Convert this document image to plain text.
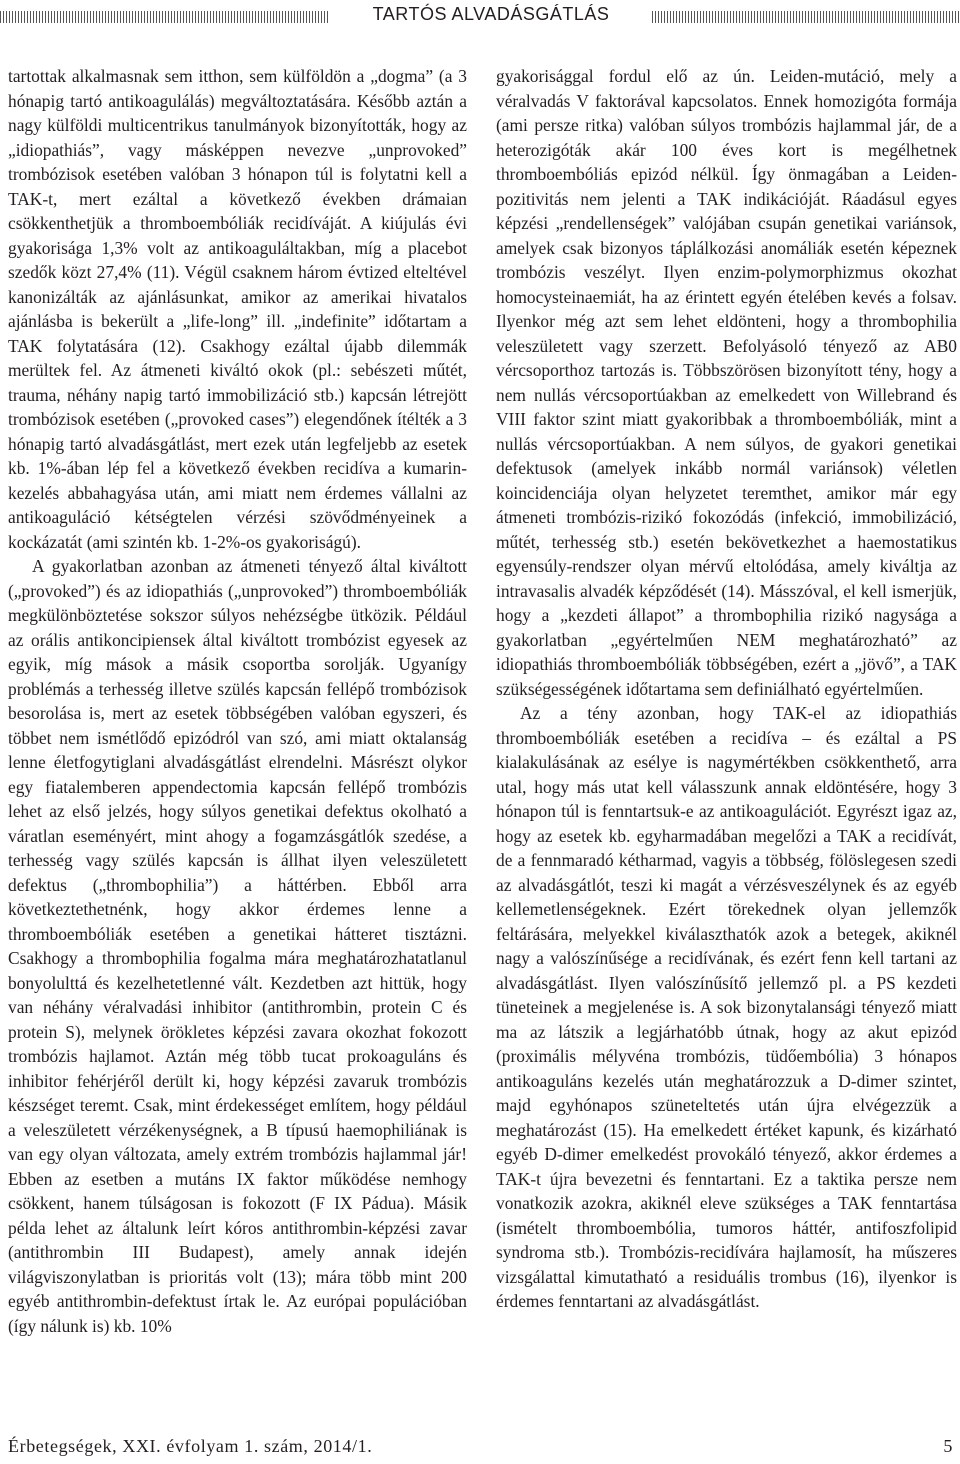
TARTÓS ALVADÁSGÁTLÁS

tartottak alkalmasnak sem itthon, sem külföldön a „dogma” (a 3 hónapig tartó antikoagulálás) megváltoztatására. Később aztán a nagy külföldi multicentrikus tanulmányok bizonyították, hogy az „idiopathiás”, vagy másképpen nevezve „unprovoked” trombózisok esetében valóban 3 hónapon túl is folytatni kell a TAK-t, mert ezáltal a következő években drámaian csökkenthetjük a thromboembóliák recidíváját. A kiújulás évi gyakorisága 1,3% volt az antikoaguláltakban, míg a placebot szedők közt 27,4% (11). Végül csaknem három évtized elteltével kanonizálták az ajánlásunkat, amikor az amerikai hivatalos ajánlásba is bekerült a „life-long” ill. „indefinite” időtartam a TAK folytatására (12). Csakhogy ezáltal újabb dilemmák merültek fel. Az átmeneti kiváltó okok (pl.: sebészeti műtét, trauma, néhány napig tartó immobilizáció stb.) kapcsán létrejött trombózisok esetében („provoked cases”) elegendőnek ítélték a 3 hónapig tartó alvadásgátlást, mert ezek után legfeljebb az esetek kb. 1%-ában lép fel a következő években recidíva a kumarin-kezelés abbahagyása után, ami miatt nem érdemes vállalni az antikoaguláció kétségtelen vérzési szövődményeinek a kockázatát (ami szintén kb. 1-2%-os gyakoriságú).

A gyakorlatban azonban az átmeneti tényező által kiváltott („provoked”) és az idiopathiás („unprovoked”) thromboembóliák megkülönböztetése sokszor súlyos nehézségbe ütközik. Például az orális antikoncipiensek által kiváltott trombózist egyesek az egyik, míg mások a másik csoportba sorolják. Ugyanígy problémás a terhesség illetve szülés kapcsán fellépő trombózisok besorolása is, mert az esetek többségében valóban egyszeri, és többet nem ismétlődő epizódról van szó, ami miatt oktalanság lenne életfogytiglani alvadásgátlást elrendelni. Másrészt olykor egy fiatalemberen appendectomia kapcsán fellépő trombózis lehet az első jelzés, hogy súlyos genetikai defektus okolható a váratlan eseményért, mint ahogy a fogamzásgátlók szedése, a terhesség vagy szülés kapcsán is állhat ilyen veleszületett defektus („thrombophilia”) a háttérben. Ebből arra következtethetnénk, hogy akkor érdemes lenne a thromboembóliák esetében a genetikai hátteret tisztázni. Csakhogy a thrombophilia fogalma mára meghatározhatatlanul bonyolulttá és kezelhetetlenné vált. Kezdetben azt hittük, hogy van néhány véralvadási inhibitor (antithrombin, protein C és protein S), melynek örökletes képzési zavara okozhat fokozott trombózis hajlamot. Aztán még több tucat prokoaguláns és inhibitor fehérjéről derült ki, hogy képzési zavaruk trombózis készséget teremt. Csak, mint érdekességet említem, hogy például a veleszületett vérzékenységnek, a B típusú haemophiliának is van egy olyan változata, amely extrém trombózis hajlammal jár! Ebben az esetben a mutáns IX faktor működése nemhogy csökkent, hanem túlságosan is fokozott (F IX Pádua). Másik példa lehet az általunk leírt kóros antithrombin-képzési zavar (antithrombin III Budapest), amely annak idején világviszonylatban is prioritás volt (13); mára több mint 200 egyéb antithrombin-defektust írtak le. Az európai populációban (így nálunk is) kb. 10%

gyakorisággal fordul elő az ún. Leiden-mutáció, mely a véralvadás V faktorával kapcsolatos. Ennek homozigóta formája (ami persze ritka) valóban súlyos trombózis hajlammal jár, de a heterozigóták akár 100 éves kort is megélhetnek thromboembóliás epizód nélkül. Így önmagában a Leiden-pozitivitás nem jelenti a TAK indikációját. Ráadásul egyes képzési „rendellenségek” valójában csupán genetikai variánsok, amelyek csak bizonyos táplálkozási anomáliák esetén képeznek trombózis veszélyt. Ilyen enzim-polymorphizmus okozhat homocysteinaemiát, ha az érintett egyén ételében kevés a folsav. Ilyenkor még azt sem lehet eldönteni, hogy a thrombophilia veleszületett vagy szerzett. Befolyásoló tényező az AB0 vércsoporthoz tartozás is. Többszörösen bizonyított tény, hogy a nem nullás vércsoportúakban az emelkedett von Willebrand és VIII faktor szint miatt gyakoribbak a thromboembóliák, mint a nullás vércsoportúakban. A nem súlyos, de gyakori genetikai defektusok (amelyek inkább normál variánsok) véletlen koincidenciája olyan helyzetet teremthet, amikor már egy átmeneti trombózis-rizikó fokozódás (infekció, immobilizáció, műtét, terhesség stb.) esetén bekövetkezhet a haemostatikus egyensúly-rendszer olyan mérvű eltolódása, amely kiváltja az intravasalis alvadék képződését (14). Másszóval, el kell ismerjük, hogy a „kezdeti állapot” a thrombophilia rizikó nagysága a gyakorlatban „egyértelműen NEM meghatározható” az idiopathiás thromboembóliák többségében, ezért a „jövő”, a TAK szükségességének időtartama sem definiálható egyértelműen.

Az a tény azonban, hogy TAK-el az idiopathiás thromboembóliák esetében a recidíva – és ezáltal a PS kialakulásának az esélye is nagymértékben csökkenthető, arra utal, hogy más utat kell válasszunk annak eldöntésére, hogy 3 hónapon túl is fenntartsuk-e az antikoagulációt. Egyrészt igaz az, hogy az esetek kb. egyharmadában megelőzi a TAK a recidívát, de a fennmaradó kétharmad, vagyis a többség, fölöslegesen szedi az alvadásgátlót, teszi ki magát a vérzésveszélynek és az egyéb kellemetlenségeknek. Ezért törekednek olyan jellemzők feltárására, melyekkel kiválaszthatók azok a betegek, akiknél nagy a valószínűsége a recidívának, és ezért fenn kell tartani az alvadásgátlást. Ilyen valószínűsítő jellemző pl. a PS kezdeti tüneteinek a megjelenése is. A sok bizonytalansági tényező miatt ma az látszik a legjárhatóbb útnak, hogy az akut epizód (proximális mélyvéna trombózis, tüdőembólia) 3 hónapos antikoaguláns kezelés után meghatározzuk a D-dimer szintet, majd egyhónapos szüneteltetés után újra elvégezzük a meghatározást (15). Ha emelkedett értéket kapunk, és kizárható egyéb D-dimer emelkedést provokáló tényező, akkor érdemes a TAK-t újra bevezetni és fenntartani. Ez a taktika persze nem vonatkozik azokra, akiknél eleve szükséges a TAK fenntartása (ismételt thromboembólia, tumoros háttér, antifoszfolipid syndroma stb.). Trombózis-recidívára hajlamosít, ha műszeres vizsgálattal kimutatható a residuális trombus (16), ilyenkor is érdemes fenntartani az alvadásgátlást.

Érbetegségek, XXI. évfolyam 1. szám, 2014/1.	5
